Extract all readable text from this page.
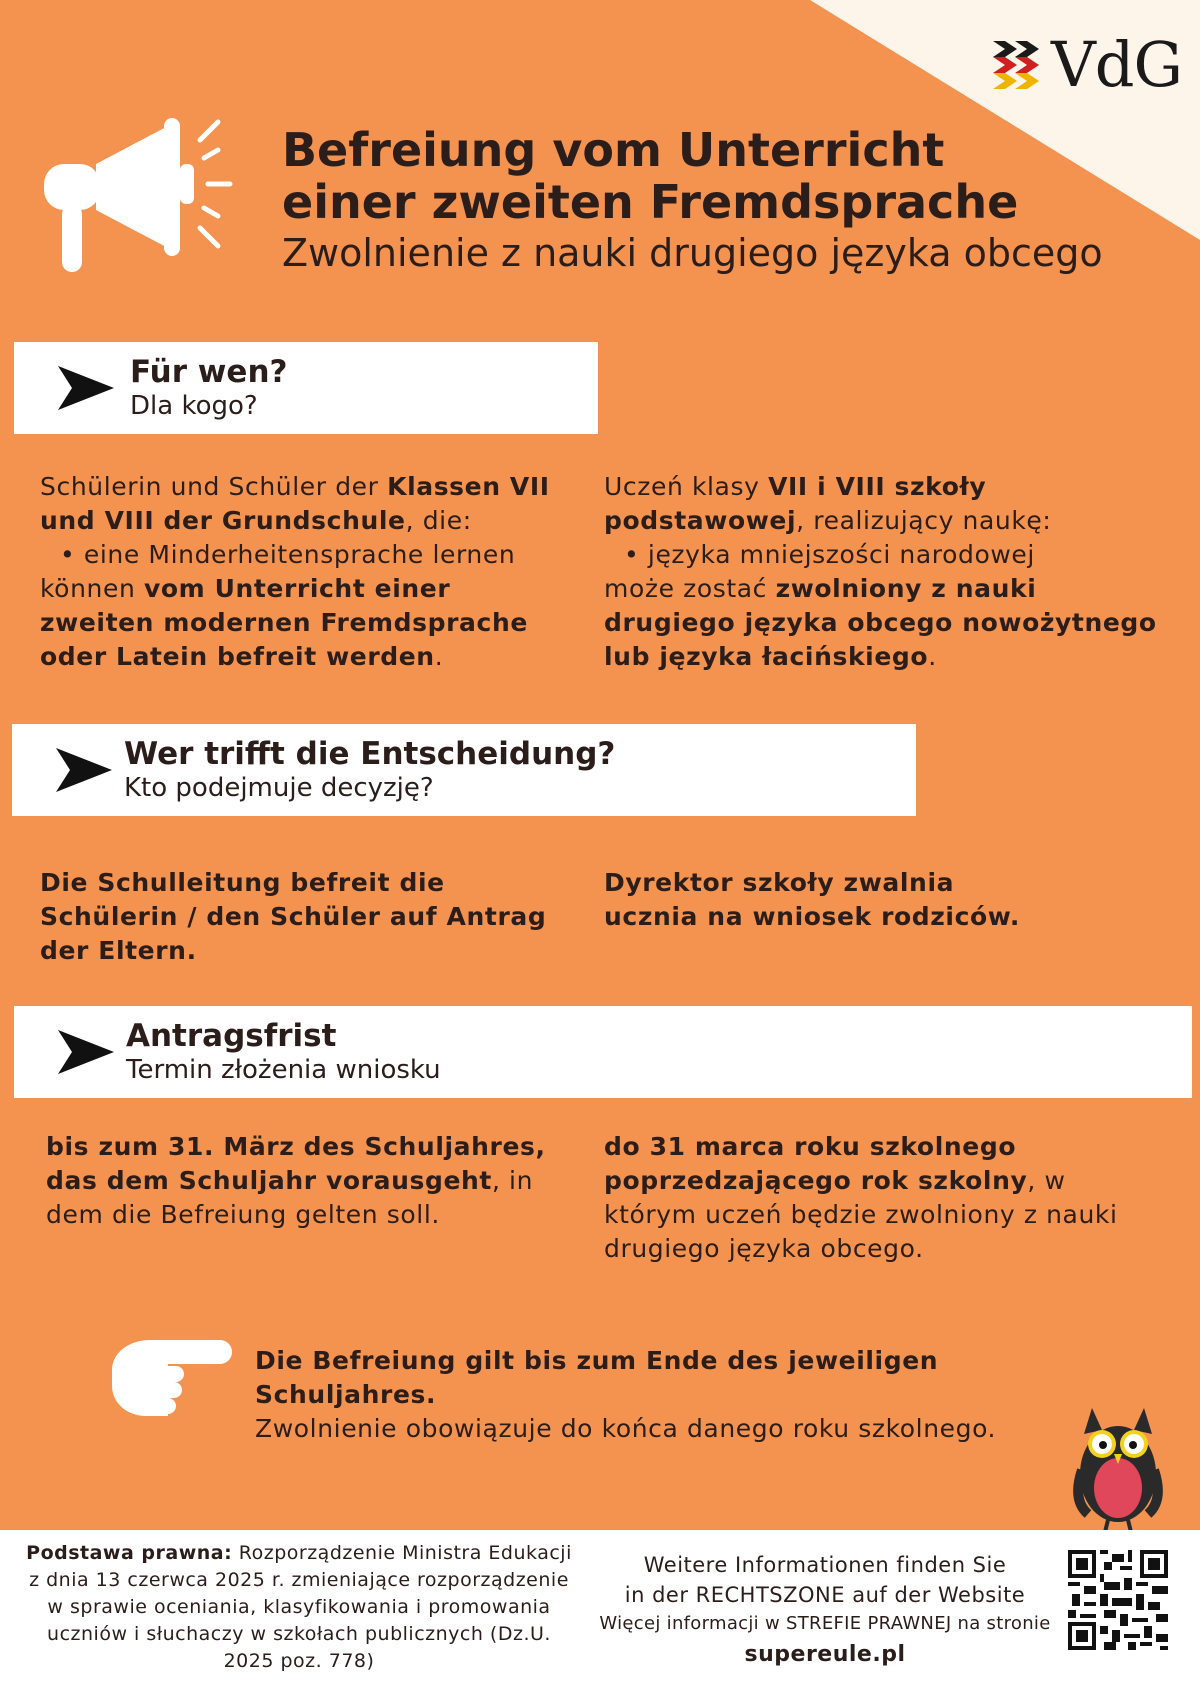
VdG
Befreiung vom Unterricht
einer zweiten Fremdsprache
Zwolnienie z nauki drugiego języka obcego
Für wen?
Dla kogo?

Schülerin und Schüler der Klassen VII und VIII der Grundschule, die:

• eine Minderheitensprache lernen

können vom Unterricht einer zweiten modernen Fremdsprache oder Latein befreit werden.

Uczeń klasy VII i VIII szkoły podstawowej, realizujący naukę:

• języka mniejszości narodowej

może zostać zwolniony z nauki drugiego języka obcego nowożytnego lub języka łacińskiego.

Wer trifft die Entscheidung?
Kto podejmuje decyzję?

Die Schulleitung befreit die Schülerin / den Schüler auf Antrag der Eltern.

Dyrektor szkoły zwalnia ucznia na wniosek rodziców.

Antragsfrist
Termin złożenia wniosku

bis zum 31. März des Schuljahres, das dem Schuljahr vorausgeht, in dem die Befreiung gelten soll.

do 31 marca roku szkolnego poprzedzającego rok szkolny, w którym uczeń będzie zwolniony z nauki drugiego języka obcego.

Die Befreiung gilt bis zum Ende des jeweiligen Schuljahres.
Zwolnienie obowiązuje do końca danego roku szkolnego.
Podstawa prawna: Rozporządzenie Ministra Edukacji z dnia 13 czerwca 2025 r. zmieniające rozporządzenie w sprawie oceniania, klasyfikowania i promowania uczniów i słuchaczy w szkołach publicznych (Dz.U. 2025 poz. 778)
Weitere Informationen finden Sie
in der RECHTSZONE auf der Website
Więcej informacji w STREFIE PRAWNEJ na stronie
supereule.pl
